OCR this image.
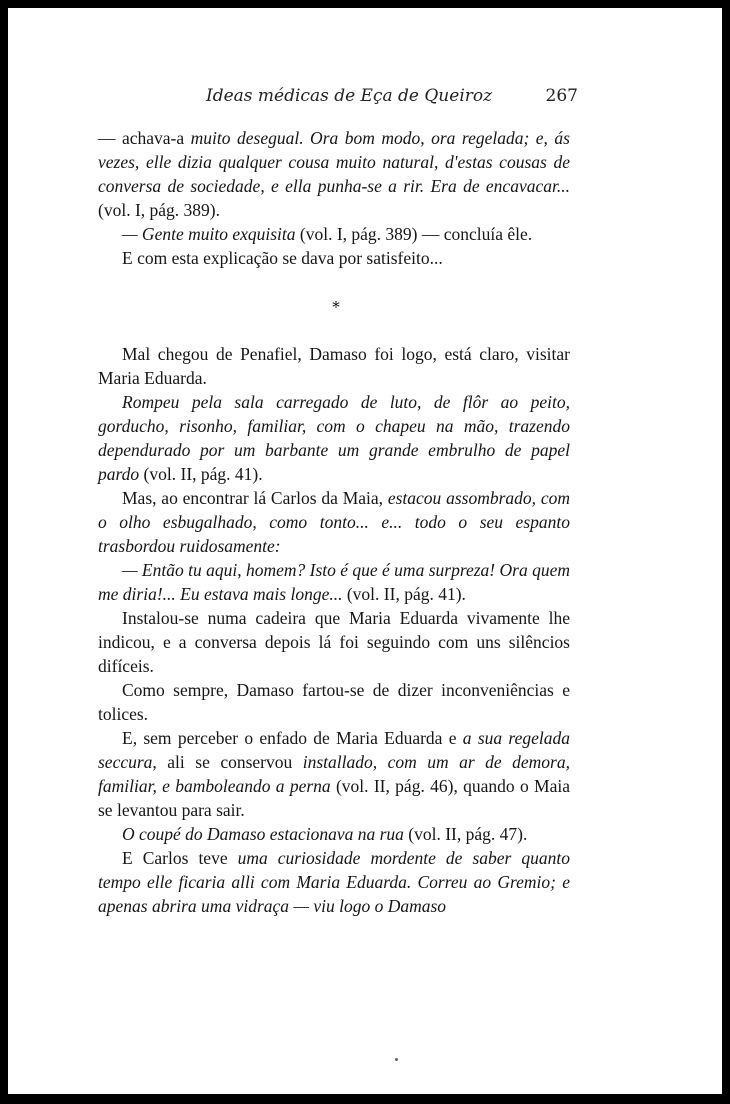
Ideas médicas de Eça de Queiroz	267

— achava-a muito desegual. Ora bom modo, ora regelada; e, ás vezes, elle dizia qualquer cousa muito natural, d'estas cousas de conversa de sociedade, e ella punha-se a rir. Era de encavacar... (vol. I, pág. 389).

— Gente muito exquisita (vol. I, pág. 389) — concluía êle.

E com esta explicação se dava por satisfeito...

*

Mal chegou de Penafiel, Damaso foi logo, está claro, visitar Maria Eduarda.

Rompeu pela sala carregado de luto, de flôr ao peito, gorducho, risonho, familiar, com o chapeu na mão, trazendo dependurado por um barbante um grande embrulho de papel pardo (vol. II, pág. 41).

Mas, ao encontrar lá Carlos da Maia, estacou assombrado, com o olho esbugalhado, como tonto... e... todo o seu espanto trasbordou ruidosamente:

— Então tu aqui, homem? Isto é que é uma surpreza! Ora quem me diria!... Eu estava mais longe... (vol. II, pág. 41).

Instalou-se numa cadeira que Maria Eduarda vivamente lhe indicou, e a conversa depois lá foi seguindo com uns silêncios difíceis.

Como sempre, Damaso fartou-se de dizer inconveniências e tolices.

E, sem perceber o enfado de Maria Eduarda e a sua regelada seccura, ali se conservou installado, com um ar de demora, familiar, e bamboleando a perna (vol. II, pág. 46), quando o Maia se levantou para sair.

O coupé do Damaso estacionava na rua (vol. II, pág. 47).

E Carlos teve uma curiosidade mordente de saber quanto tempo elle ficaria alli com Maria Eduarda. Correu ao Gremio; e apenas abrira uma vidraça — viu logo o Damaso
